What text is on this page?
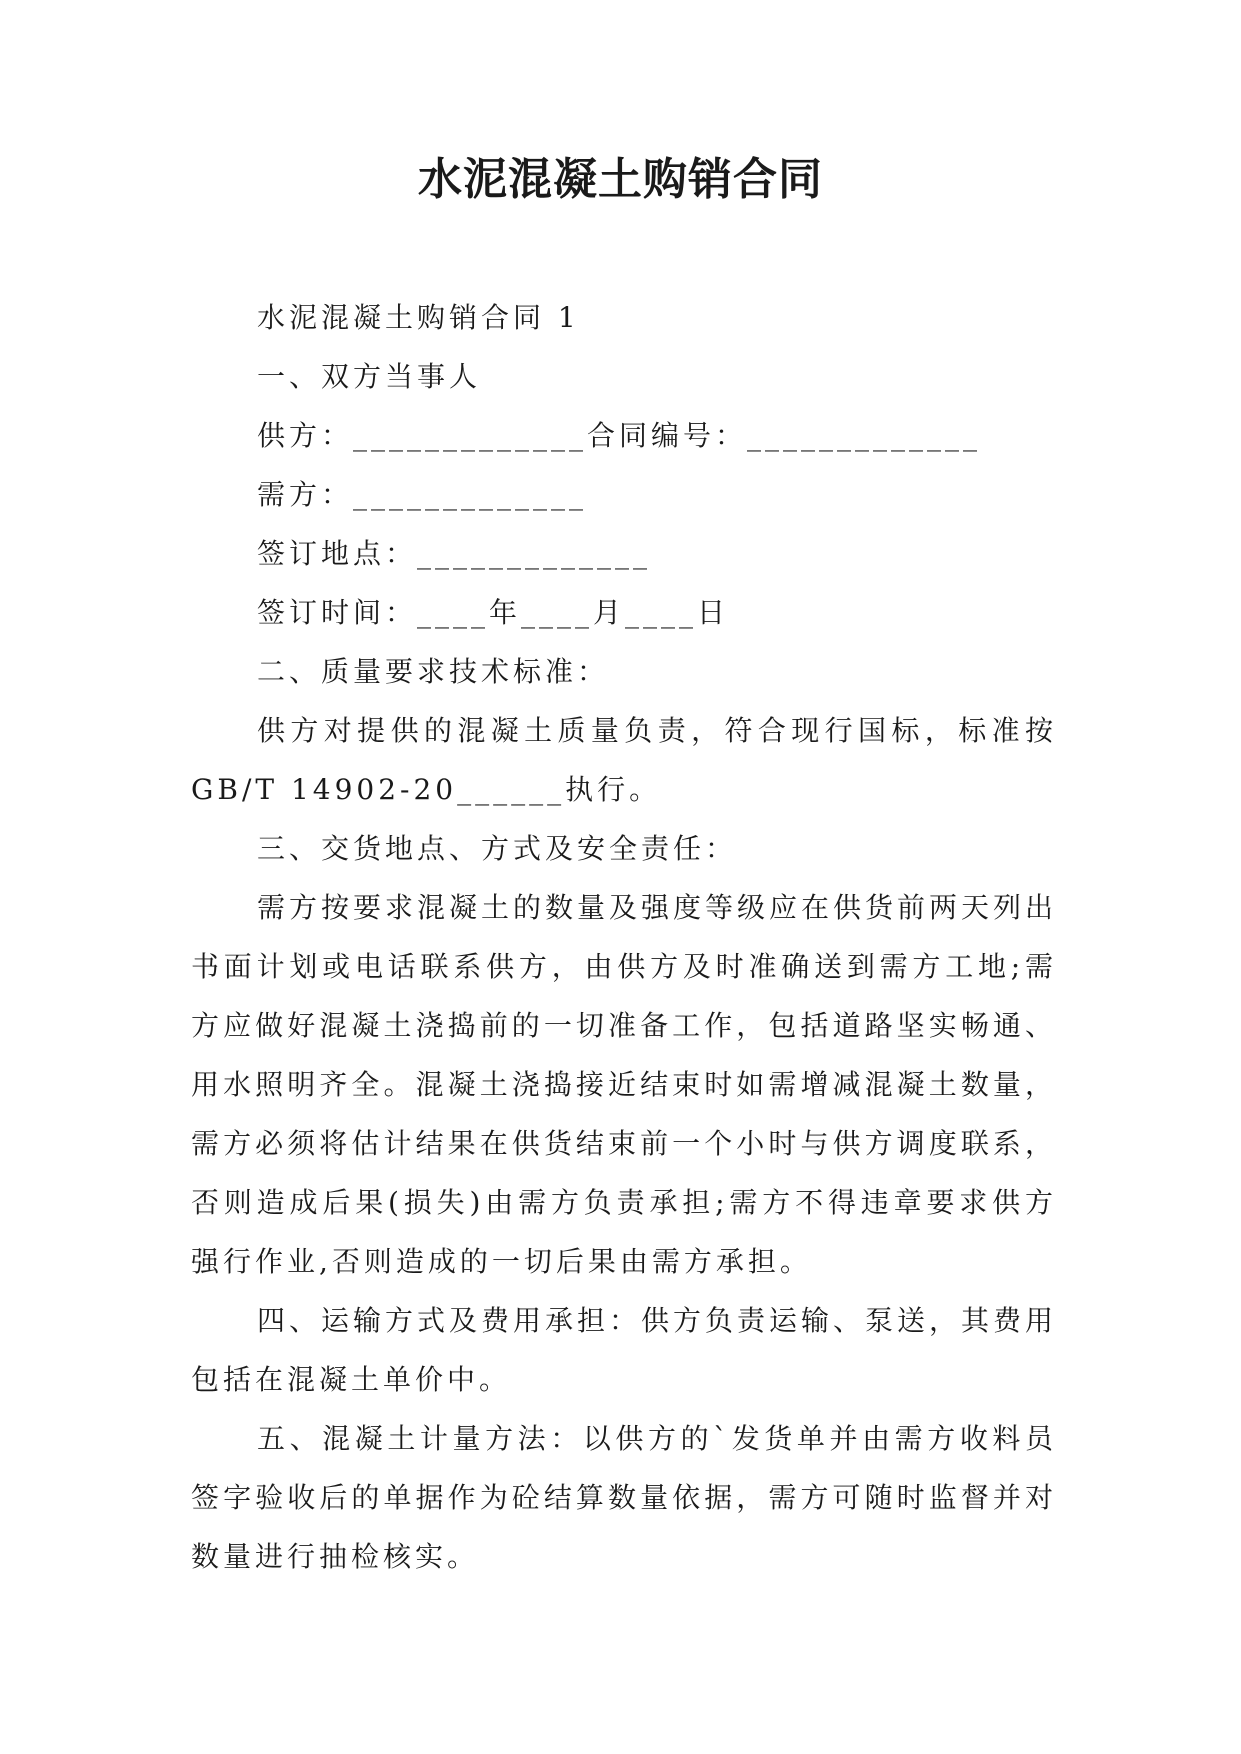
水泥混凝土购销合同

水泥混凝土购销合同 1

一、双方当事人

供方：_____________合同编号：_____________

需方：_____________

签订地点：_____________

签订时间：____年____月____日

二、质量要求技术标准：

供方对提供的混凝土质量负责，符合现行国标，标准按GB/T 14902-20______执行。

三、交货地点、方式及安全责任：

需方按要求混凝土的数量及强度等级应在供货前两天列出书面计划或电话联系供方，由供方及时准确送到需方工地;需方应做好混凝土浇捣前的一切准备工作，包括道路坚实畅通、用水照明齐全。混凝土浇捣接近结束时如需增减混凝土数量，需方必须将估计结果在供货结束前一个小时与供方调度联系，否则造成后果(损失)由需方负责承担;需方不得违章要求供方强行作业,否则造成的一切后果由需方承担。

四、运输方式及费用承担：供方负责运输、泵送，其费用包括在混凝土单价中。

五、混凝土计量方法：以供方的`发货单并由需方收料员签字验收后的单据作为砼结算数量依据，需方可随时监督并对数量进行抽检核实。
